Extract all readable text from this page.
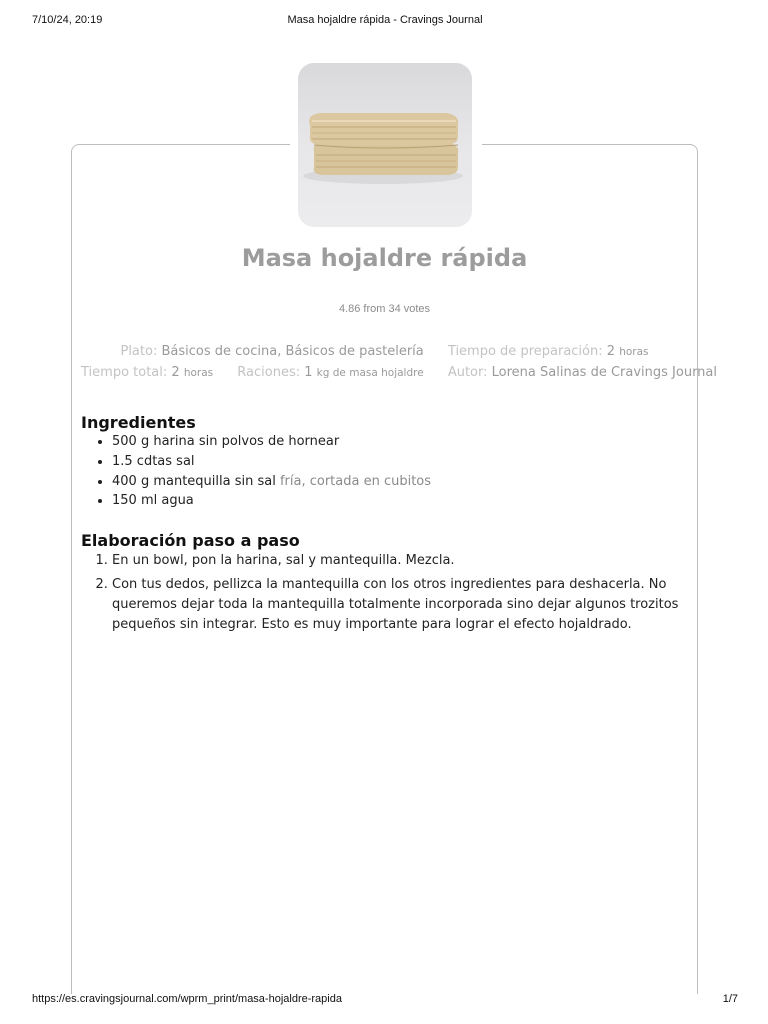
7/10/24, 20:19	Masa hojaldre rápida - Cravings Journal
Masa hojaldre rápida
4.86 from 34 votes
Plato: Básicos de cocina, Básicos de pastelería Tiempo de preparación: 2 horas
Tiempo total: 2 horas Raciones: 1 kg de masa hojaldre Autor: Lorena Salinas de Cravings Journal
Ingredientes
• 500 g harina sin polvos de hornear
• 1.5 cdtas sal
• 400 g mantequilla sin sal fría, cortada en cubitos
• 150 ml agua
Elaboración paso a paso
1. En un bowl, pon la harina, sal y mantequilla. Mezcla.
2. Con tus dedos, pellizca la mantequilla con los otros ingredientes para deshacerla. No queremos dejar toda la mantequilla totalmente incorporada sino dejar algunos trozitos pequeños sin integrar. Esto es muy importante para lograr el efecto hojaldrado.
https://es.cravingsjournal.com/wprm_print/masa-hojaldre-rapida	1/7
